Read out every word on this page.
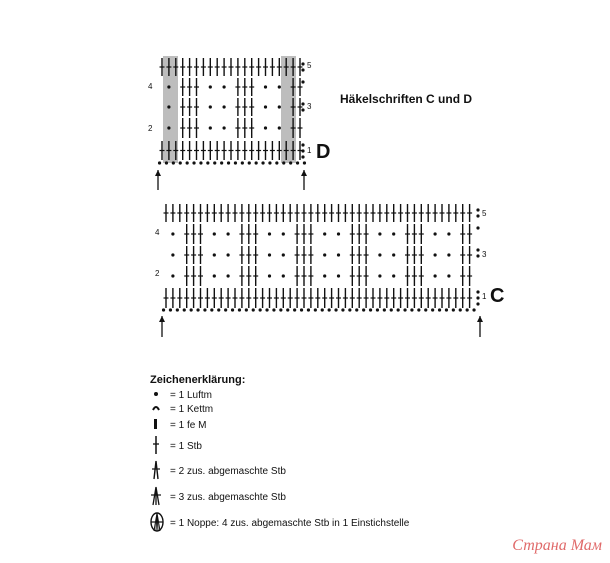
Häkelschriften C und D
D
C
4
2
5
3
1
4
2
5
3
1
Zeichenerklärung:
= 1 Luftm
= 1 Kettm
= 1 fe M
= 1 Stb
= 2 zus. abgemaschte Stb
= 3 zus. abgemaschte Stb
= 1 Noppe: 4 zus. abgemaschte Stb in 1 Einstichstelle
Страна Мам
